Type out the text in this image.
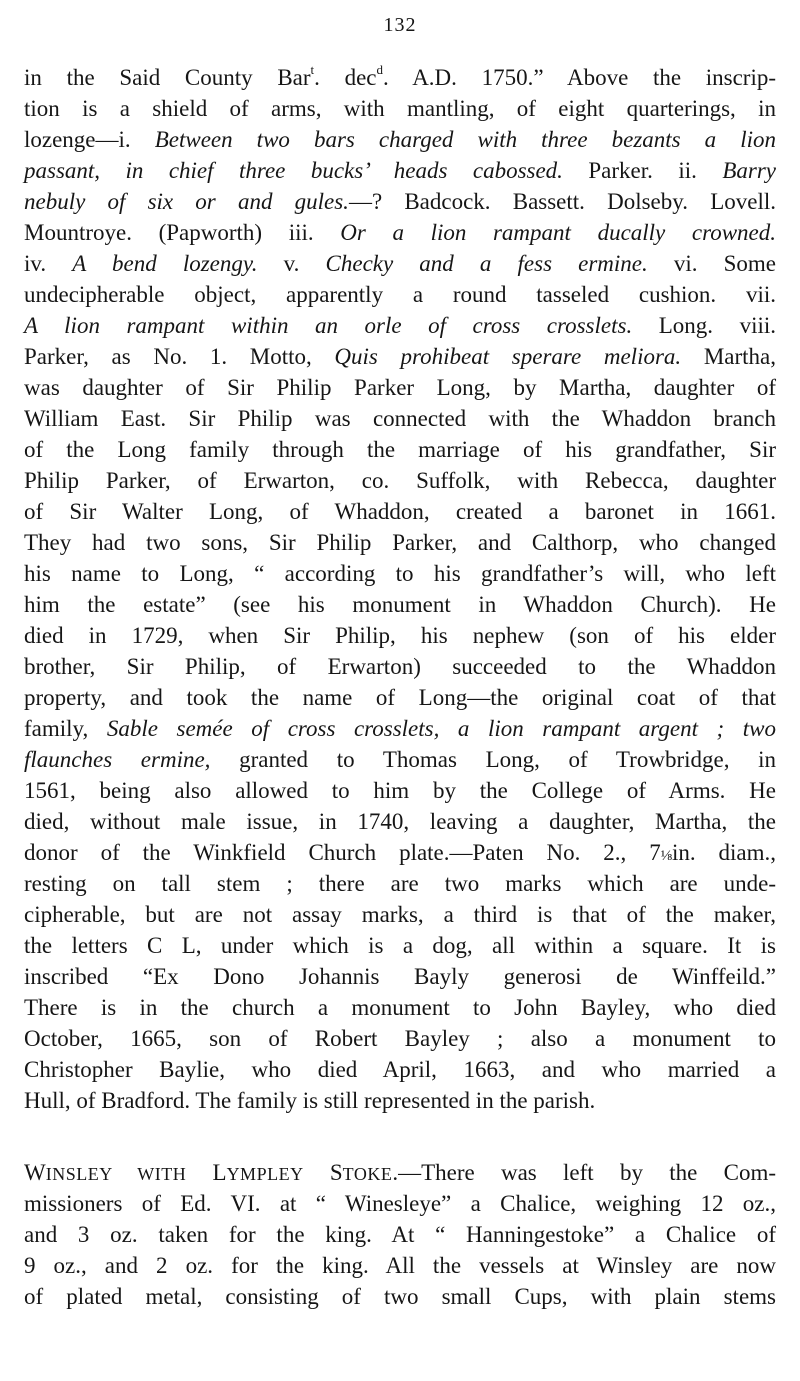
132
in the Said County Bar$^t$. dec$^d$. A.D. 1750.” Above the inscrip-
tion is a shield of arms, with mantling, of eight quarterings, in
lozenge—i. Between two bars charged with three bezants a lion
passant, in chief three bucks’ heads cabossed. Parker. ii. Barry
nebuly of six or and gules.—? Badcock. Bassett. Dolseby. Lovell.
Mountroye. (Papworth) iii. Or a lion rampant ducally crowned.
iv. A bend lozengy. v. Checky and a fess ermine. vi. Some
undecipherable object, apparently a round tasseled cushion. vii.
A lion rampant within an orle of cross crosslets. Long. viii.
Parker, as No. 1. Motto, Quis prohibeat sperare meliora. Martha,
was daughter of Sir Philip Parker Long, by Martha, daughter of
William East. Sir Philip was connected with the Whaddon branch
of the Long family through the marriage of his grandfather, Sir
Philip Parker, of Erwarton, co. Suffolk, with Rebecca, daughter
of Sir Walter Long, of Whaddon, created a baronet in 1661.
They had two sons, Sir Philip Parker, and Calthorp, who changed
his name to Long, “ according to his grandfather’s will, who left
him the estate” (see his monument in Whaddon Church). He
died in 1729, when Sir Philip, his nephew (son of his elder
brother, Sir Philip, of Erwarton) succeeded to the Whaddon
property, and took the name of Long—the original coat of that
family, Sable semée of cross crosslets, a lion rampant argent ; two
flaunches ermine, granted to Thomas Long, of Trowbridge, in
1561, being also allowed to him by the College of Arms. He
died, without male issue, in 1740, leaving a daughter, Martha, the
donor of the Winkfield Church plate.—Paten No. 2., 7⅛in. diam.,
resting on tall stem ; there are two marks which are unde-
cipherable, but are not assay marks, a third is that of the maker,
the letters C L, under which is a dog, all within a square. It is
inscribed “Ex Dono Johannis Bayly generosi de Winffeild.”
There is in the church a monument to John Bayley, who died
October, 1665, son of Robert Bayley ; also a monument to
Christopher Baylie, who died April, 1663, and who married a
Hull, of Bradford. The family is still represented in the parish.
WINSLEY WITH LYMPLEY STOKE.—There was left by the Com-
missioners of Ed. VI. at “ Winesleye” a Chalice, weighing 12 oz.,
and 3 oz. taken for the king. At “ Hanningestoke” a Chalice of
9 oz., and 2 oz. for the king. All the vessels at Winsley are now
of plated metal, consisting of two small Cups, with plain stems
